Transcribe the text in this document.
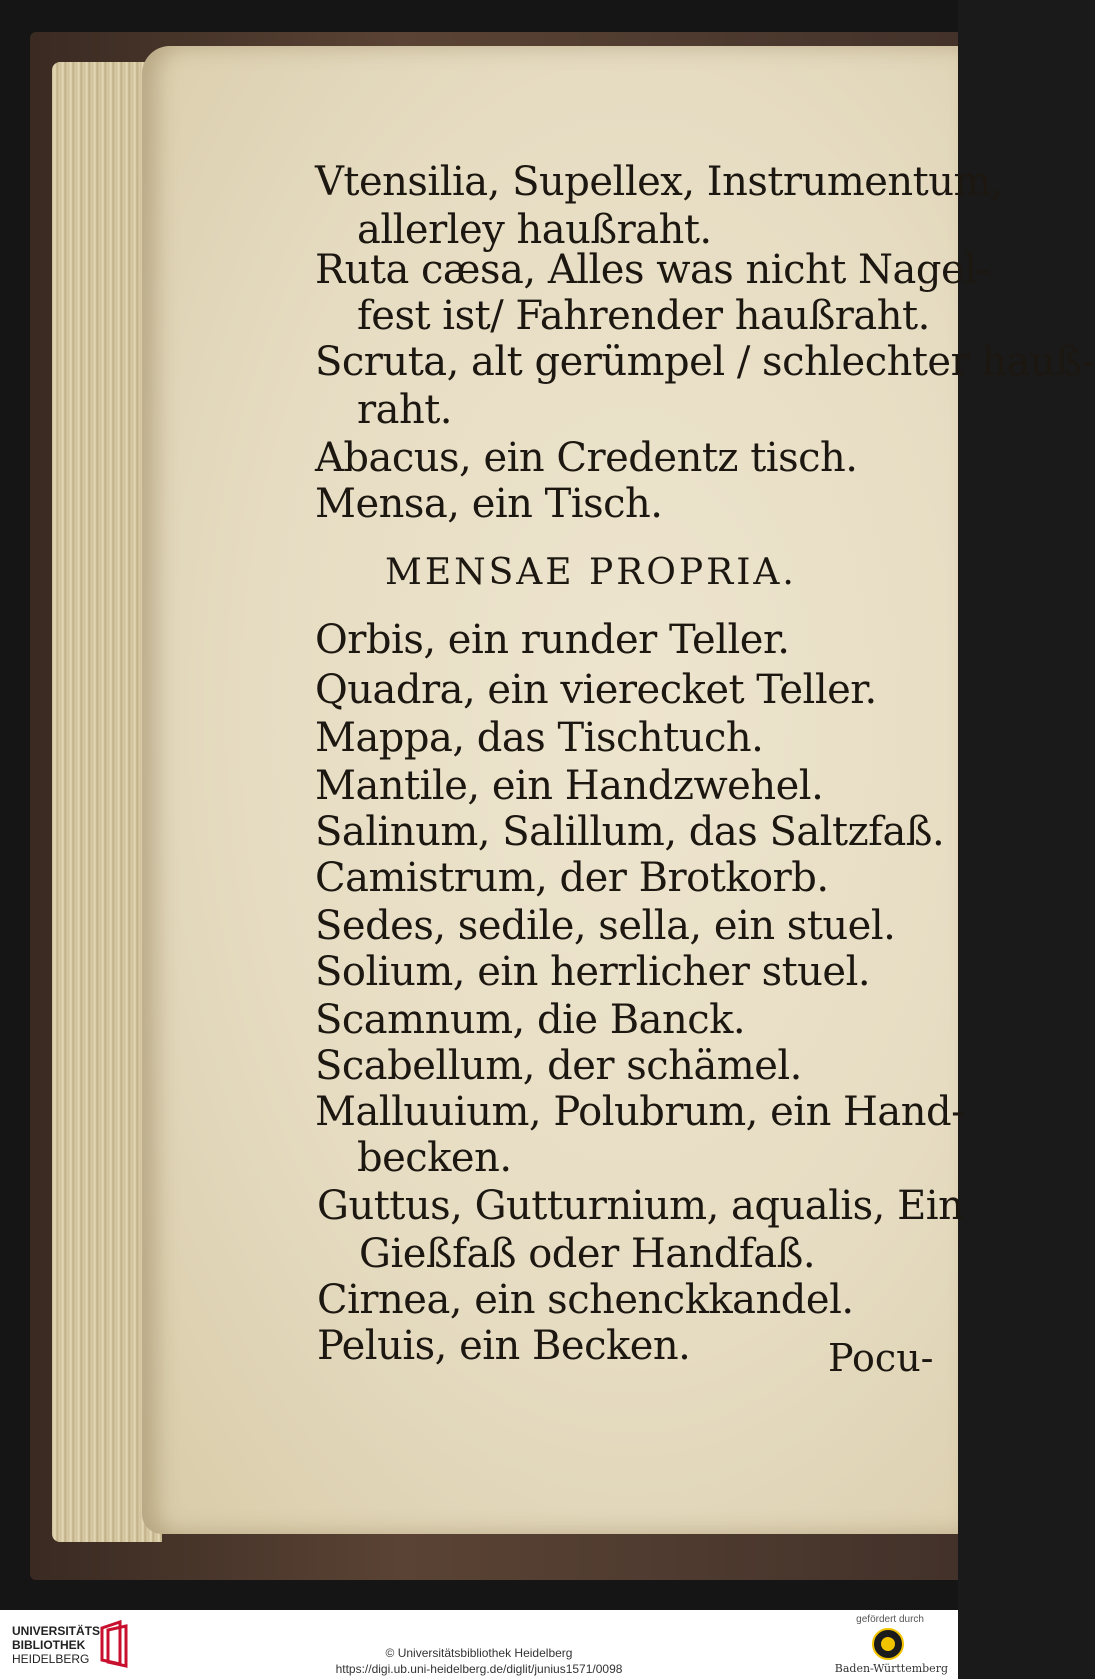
Vtensilia, Supellex, Instrumentum,
allerley haußraht.
Ruta cæsa, Alles was nicht Nagel-
fest ist/ Fahrender haußraht.
Scruta, alt gerümpel / schlechter hauß-
raht.
Abacus, ein Credentz tisch.
Mensa, ein Tisch.
Orbis, ein runder Teller.
Quadra, ein vierecket Teller.
Mappa, das Tischtuch.
Mantile, ein Handzwehel.
Salinum, Salillum, das Saltzfaß.
Camistrum, der Brotkorb.
Sedes, sedile, sella, ein stuel.
Solium, ein herrlicher stuel.
Scamnum, die Banck.
Scabellum, der schämel.
Malluuium, Polubrum, ein Hand-
becken.
Guttus, Gutturnium, aqualis, Ein
Gießfaß oder Handfaß.
Cirnea, ein schenckkandel.
Peluis, ein Becken.
MENSAE PROPRIA.
Pocu-
UNIVERSITÄTS-
BIBLIOTHEK
HEIDELBERG	© Universitätsbibliothek Heidelberg
https://digi.ub.uni-heidelberg.de/diglit/junius1571/0098
gefördert durch
Baden-Württemberg
